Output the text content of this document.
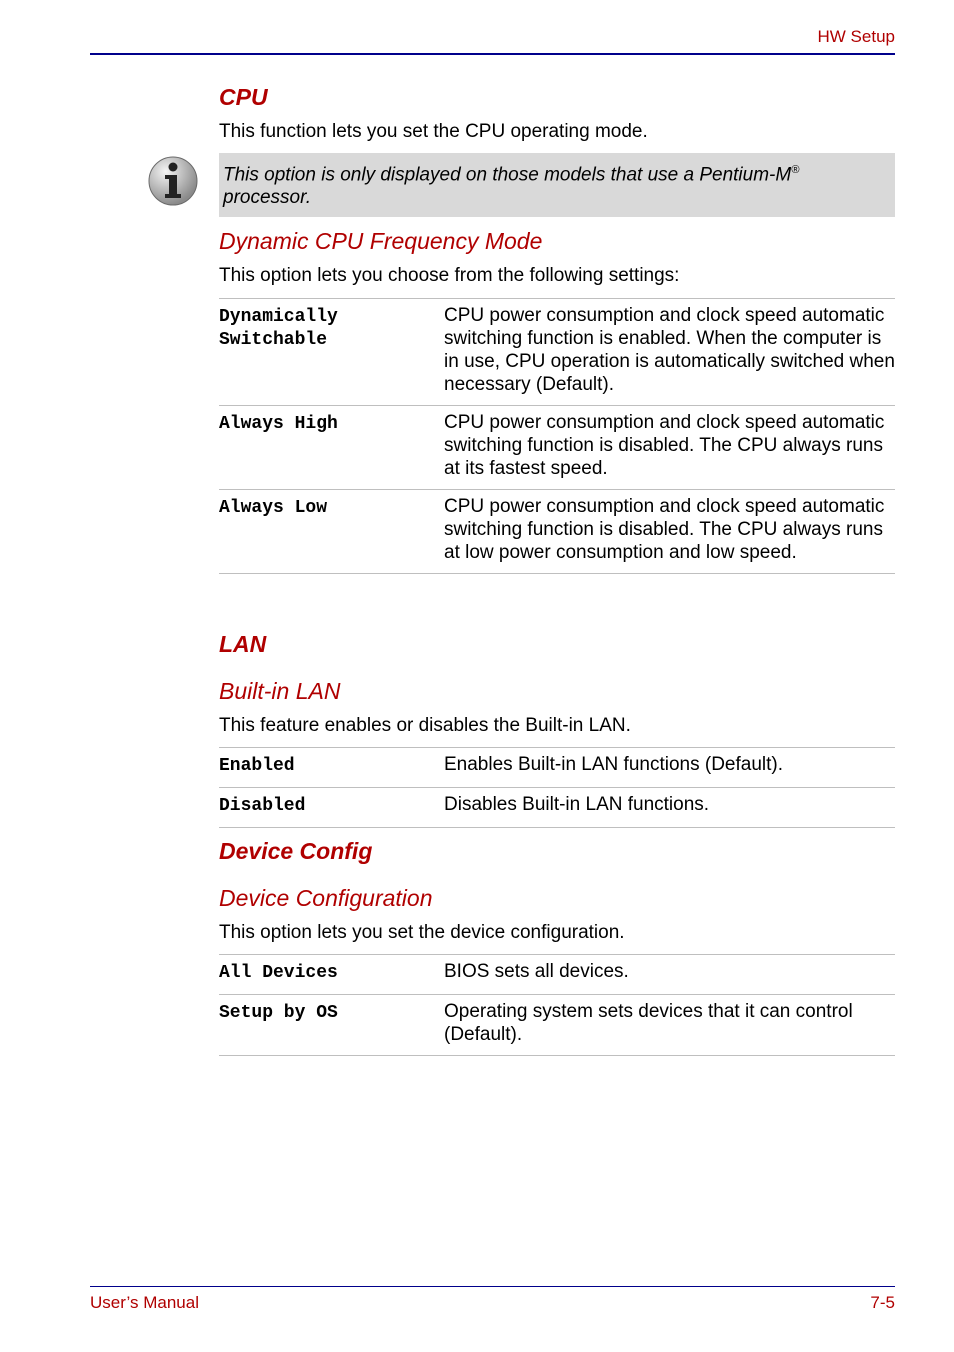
HW Setup
CPU
This function lets you set the CPU operating mode.
This option is only displayed on those models that use a Pentium-M®
processor.
Dynamic CPU Frequency Mode
This option lets you choose from the following settings:
Dynamically
Switchable	CPU power consumption and clock speed automatic switching function is enabled. When the computer is in use, CPU operation is automatically switched when necessary (Default).
Always High	CPU power consumption and clock speed automatic switching function is disabled. The CPU always runs at its fastest speed.
Always Low	CPU power consumption and clock speed automatic switching function is disabled. The CPU always runs at low power consumption and low speed.
LAN
Built-in LAN
This feature enables or disables the Built-in LAN.
Enabled	Enables Built-in LAN functions (Default).
Disabled	Disables Built-in LAN functions.
Device Config
Device Configuration
This option lets you set the device configuration.
All Devices	BIOS sets all devices.
Setup by OS	Operating system sets devices that it can control (Default).
User’s Manual	7-5
